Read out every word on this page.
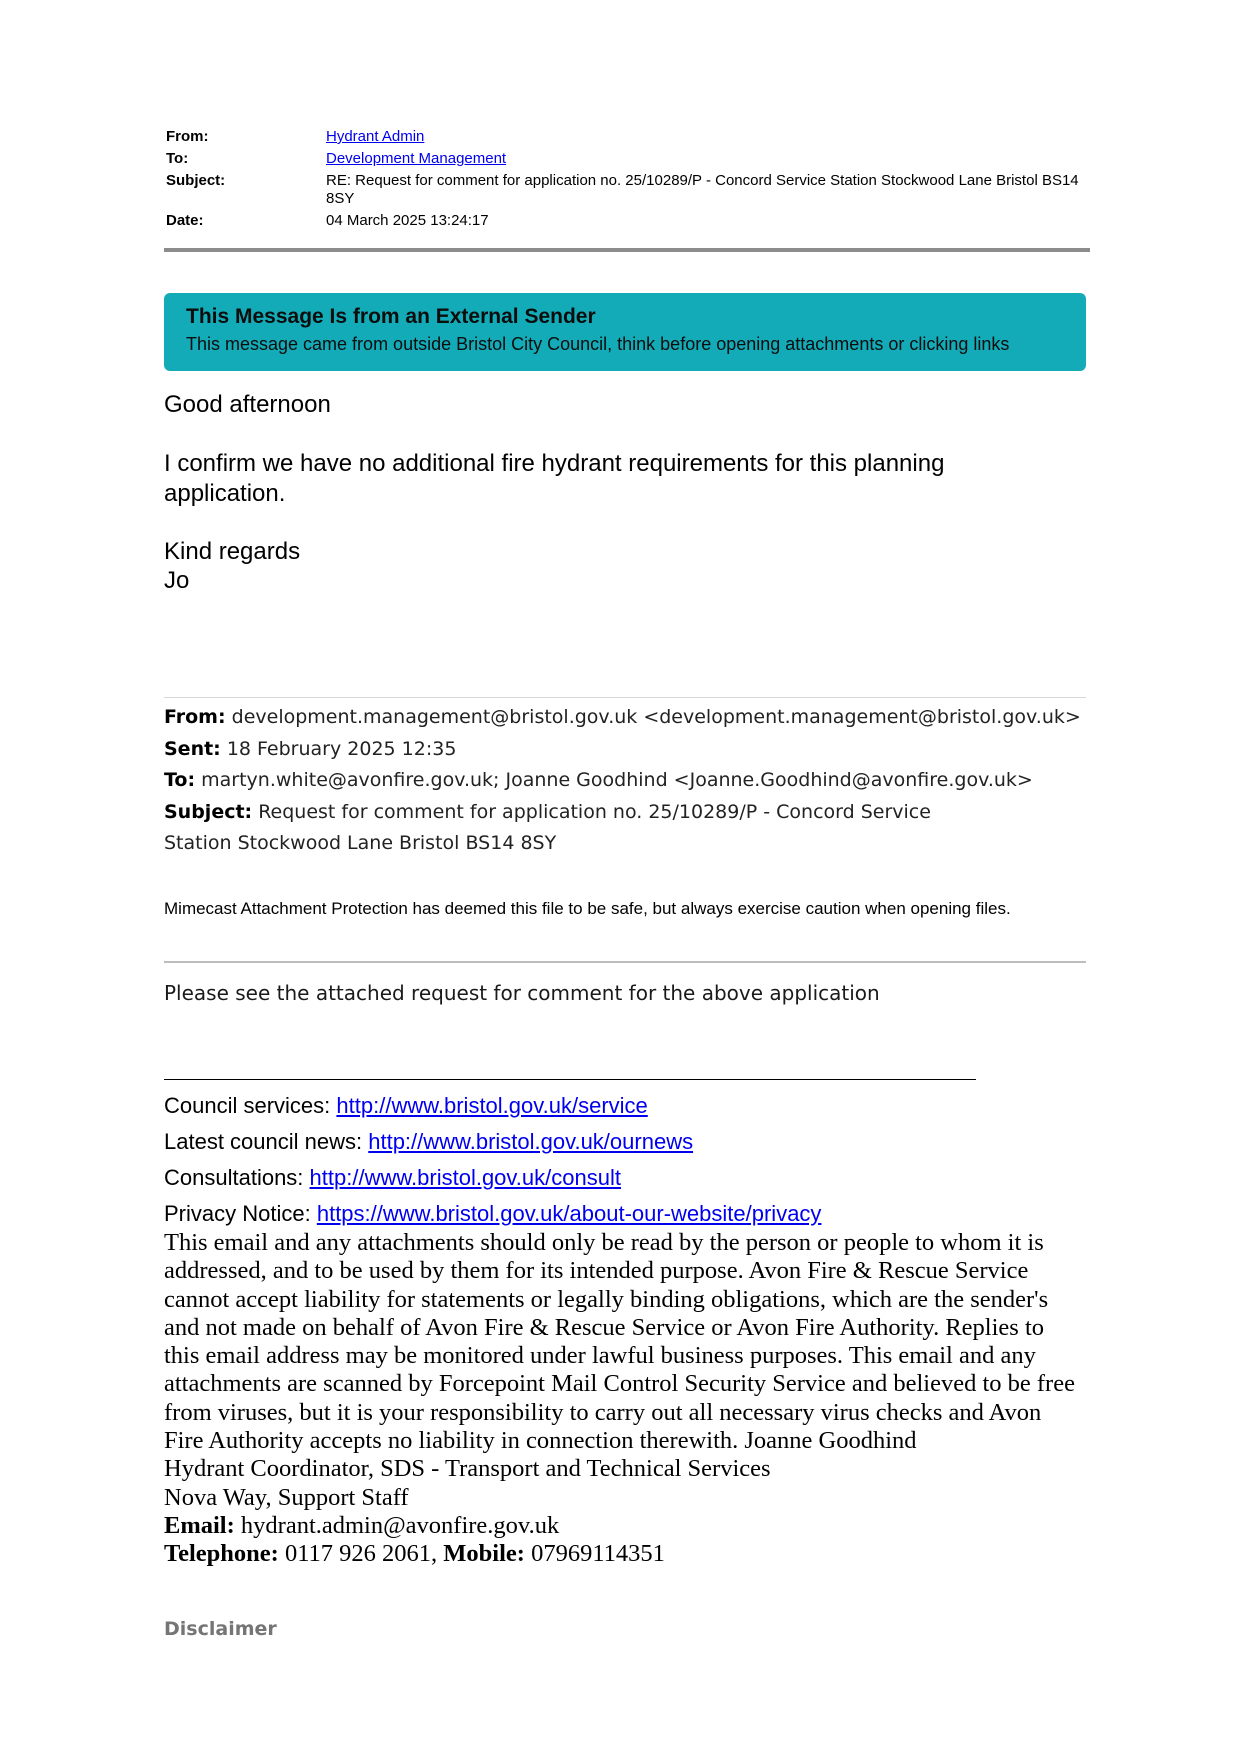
From:	Hydrant Admin
To:	Development Management
Subject:	RE: Request for comment for application no. 25/10289/P - Concord Service Station Stockwood Lane Bristol BS14 8SY
Date:	04 March 2025 13:24:17
This Message Is from an External Sender
This message came from outside Bristol City Council, think before opening attachments or clicking links

Good afternoon

I confirm we have no additional fire hydrant requirements for this planning application.

Kind regards

Jo

From: development.management@bristol.gov.uk <development.management@bristol.gov.uk>
Sent: 18 February 2025 12:35
To: martyn.white@avonfire.gov.uk; Joanne Goodhind <Joanne.Goodhind@avonfire.gov.uk>
Subject: Request for comment for application no. 25/10289/P - Concord Service Station Stockwood Lane Bristol BS14 8SY
Mimecast Attachment Protection has deemed this file to be safe, but always exercise caution when opening files.
Please see the attached request for comment for the above application
Council services: http://www.bristol.gov.uk/service
Latest council news: http://www.bristol.gov.uk/ournews
Consultations: http://www.bristol.gov.uk/consult
Privacy Notice: https://www.bristol.gov.uk/about-our-website/privacy

This email and any attachments should only be read by the person or people to whom it is addressed, and to be used by them for its intended purpose. Avon Fire & Rescue Service cannot accept liability for statements or legally binding obligations, which are the sender's and not made on behalf of Avon Fire & Rescue Service or Avon Fire Authority. Replies to this email address may be monitored under lawful business purposes. This email and any attachments are scanned by Forcepoint Mail Control Security Service and believed to be free from viruses, but it is your responsibility to carry out all necessary virus checks and Avon Fire Authority accepts no liability in connection therewith. Joanne Goodhind

Hydrant Coordinator, SDS - Transport and Technical Services

Nova Way, Support Staff

Email: hydrant.admin@avonfire.gov.uk

Telephone: 0117 926 2061, Mobile: 07969114351

Disclaimer
